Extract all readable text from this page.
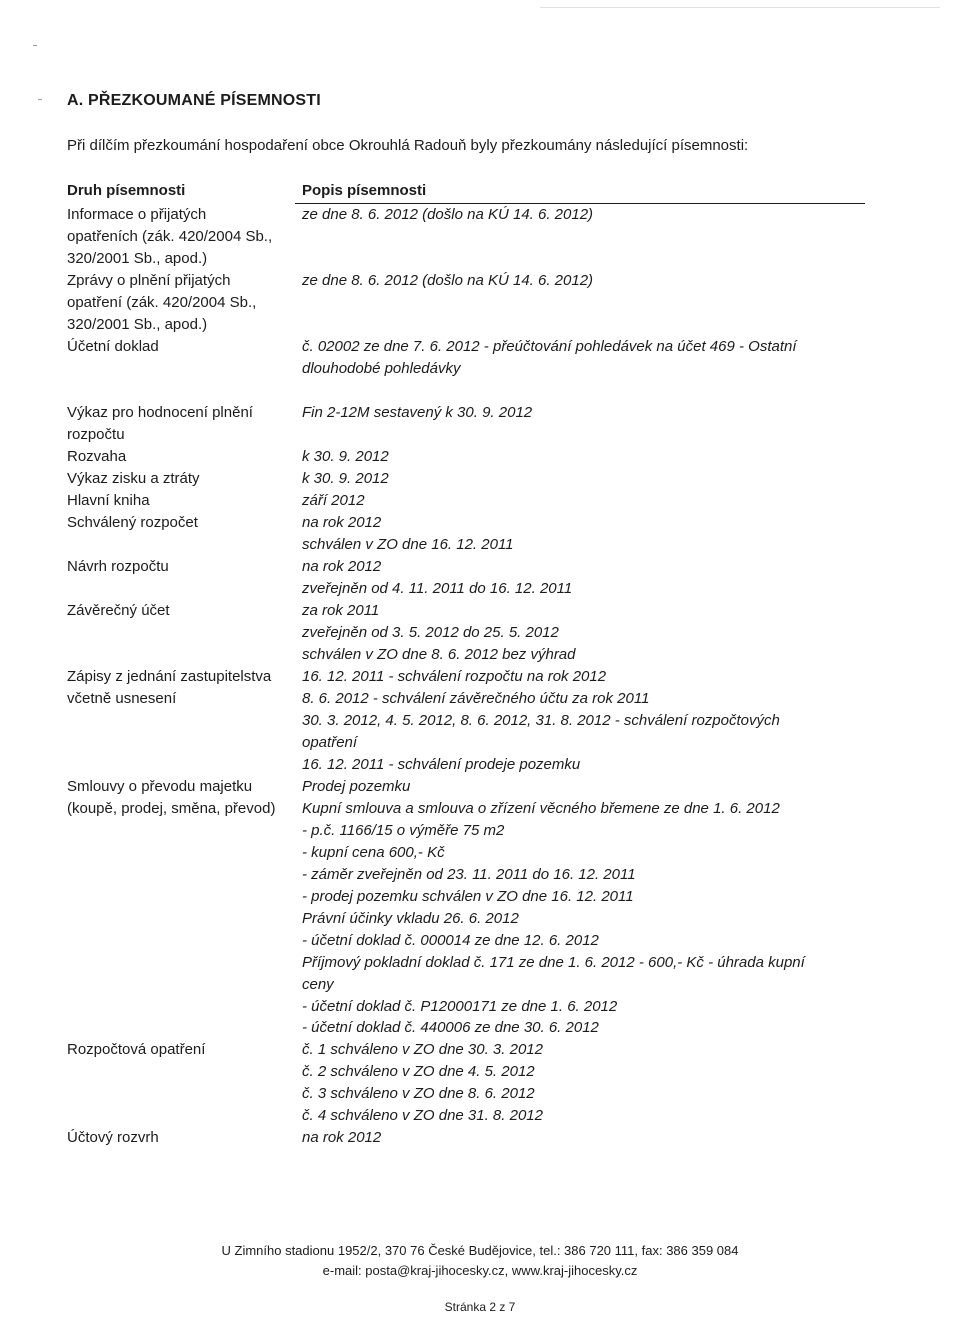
A. PŘEZKOUMANÉ PÍSEMNOSTI
Při dílčím přezkoumání hospodaření obce Okrouhlá Radouň byly přezkoumány následující písemnosti:
Druh písemnosti	Popis písemnosti
Informace o přijatých
opatřeních (zák. 420/2004 Sb.,
320/2001 Sb., apod.)
Zprávy o plnění přijatých
opatření (zák. 420/2004 Sb.,
320/2001 Sb., apod.)
Účetní doklad
Výkaz pro hodnocení plnění
rozpočtu
Rozvaha
Výkaz zisku a ztráty
Hlavní kniha
Schválený rozpočet
Návrh rozpočtu
Závěrečný účet
Zápisy z jednání zastupitelstva
včetně usnesení
Smlouvy o převodu majetku
(koupě, prodej, směna, převod)
Rozpočtová opatření
Účtový rozvrh
ze dne 8. 6. 2012 (došlo na KÚ 14. 6. 2012)
ze dne 8. 6. 2012 (došlo na KÚ 14. 6. 2012)
č. 02002 ze dne 7. 6. 2012 - přeúčtování pohledávek na účet 469 - Ostatní
dlouhodobé pohledávky
Fin 2-12M sestavený k 30. 9. 2012
k 30. 9. 2012
k 30. 9. 2012
září 2012
na rok 2012
schválen v ZO dne 16. 12. 2011
na rok 2012
zveřejněn od 4. 11. 2011 do 16. 12. 2011
za rok 2011
zveřejněn od 3. 5. 2012 do 25. 5. 2012
schválen v ZO dne 8. 6. 2012 bez výhrad
16. 12. 2011 - schválení rozpočtu na rok 2012
8. 6. 2012 - schválení závěrečného účtu za rok 2011
30. 3. 2012, 4. 5. 2012, 8. 6. 2012, 31. 8. 2012 - schválení rozpočtových
opatření
16. 12. 2011 - schválení prodeje pozemku
Prodej pozemku
Kupní smlouva a smlouva o zřízení věcného břemene ze dne 1. 6. 2012
- p.č. 1166/15 o výměře 75 m2
- kupní cena 600,- Kč
- záměr zveřejněn od 23. 11. 2011 do 16. 12. 2011
- prodej pozemku schválen v ZO dne 16. 12. 2011
Právní účinky vkladu 26. 6. 2012
- účetní doklad č. 000014 ze dne 12. 6. 2012
Příjmový pokladní doklad č. 171 ze dne 1. 6. 2012 - 600,- Kč - úhrada kupní
ceny
- účetní doklad č. P12000171 ze dne 1. 6. 2012
- účetní doklad č. 440006 ze dne 30. 6. 2012
č. 1 schváleno v ZO dne 30. 3. 2012
č. 2 schváleno v ZO dne 4. 5. 2012
č. 3 schváleno v ZO dne 8. 6. 2012
č. 4 schváleno v ZO dne 31. 8. 2012
na rok 2012
U Zimního stadionu 1952/2, 370 76 České Budějovice, tel.: 386 720 111, fax: 386 359 084
e-mail: posta@kraj-jihocesky.cz, www.kraj-jihocesky.cz
Stránka 2 z 7
